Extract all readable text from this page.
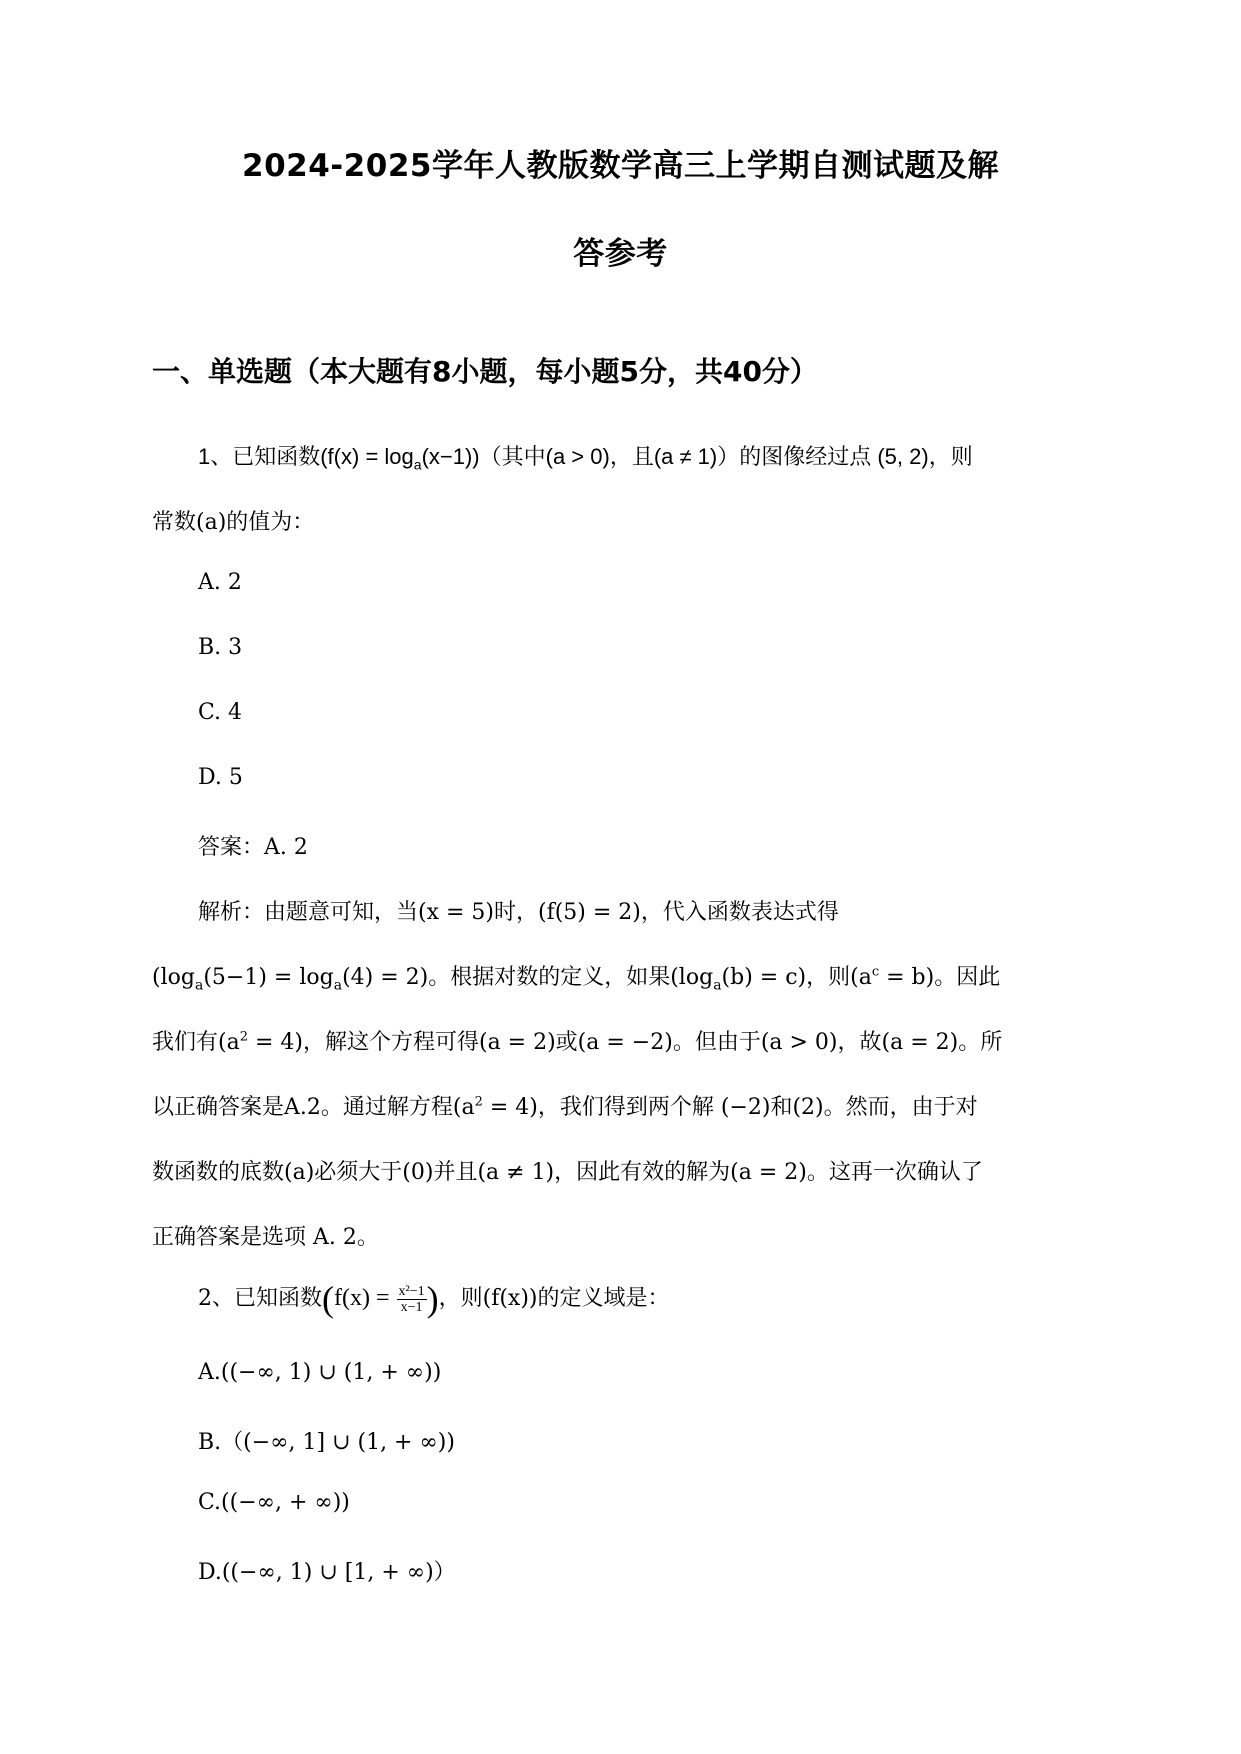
2024-2025学年人教版数学高三上学期自测试题及解
答参考
一、单选题（本大题有8小题，每小题5分，共40分）
1、已知函数$(f(x) = \log_a(x-1))$（其中(a > 0)，且(a ≠ 1)）的图像经过点 (5, 2)，则
常数(a)的值为：
A. 2
B. 3
C. 4
D. 5
答案：A. 2
解析：由题意可知，当(x = 5)时，(f(5) = 2)，代入函数表达式得
$(\log_a(5-1) = \log_a(4) = 2)$。根据对数的定义，如果$(\log_a(b) = c)$，则$(a^c = b)$。因此
我们有$(a^2 = 4)$，解这个方程可得(a = 2)或(a = −2)。但由于(a > 0)，故(a = 2)。所
以正确答案是A.2。通过解方程$(a^2 = 4)$，我们得到两个解 (−2)和(2)。然而，由于对
数函数的底数(a)必须大于(0)并且(a ≠ 1)，因此有效的解为(a = 2)。这再一次确认了
正确答案是选项 A. 2。
2、已知函数($f(x) = \frac{\text{x²−1}}{x-1}$ )，则(f(x))的定义域是：
A.((−∞, 1) ∪ (1, + ∞))
B.（(−∞, 1] ∪ (1, + ∞))
C.((−∞, + ∞))
D.((−∞, 1) ∪ [1, + ∞)）
